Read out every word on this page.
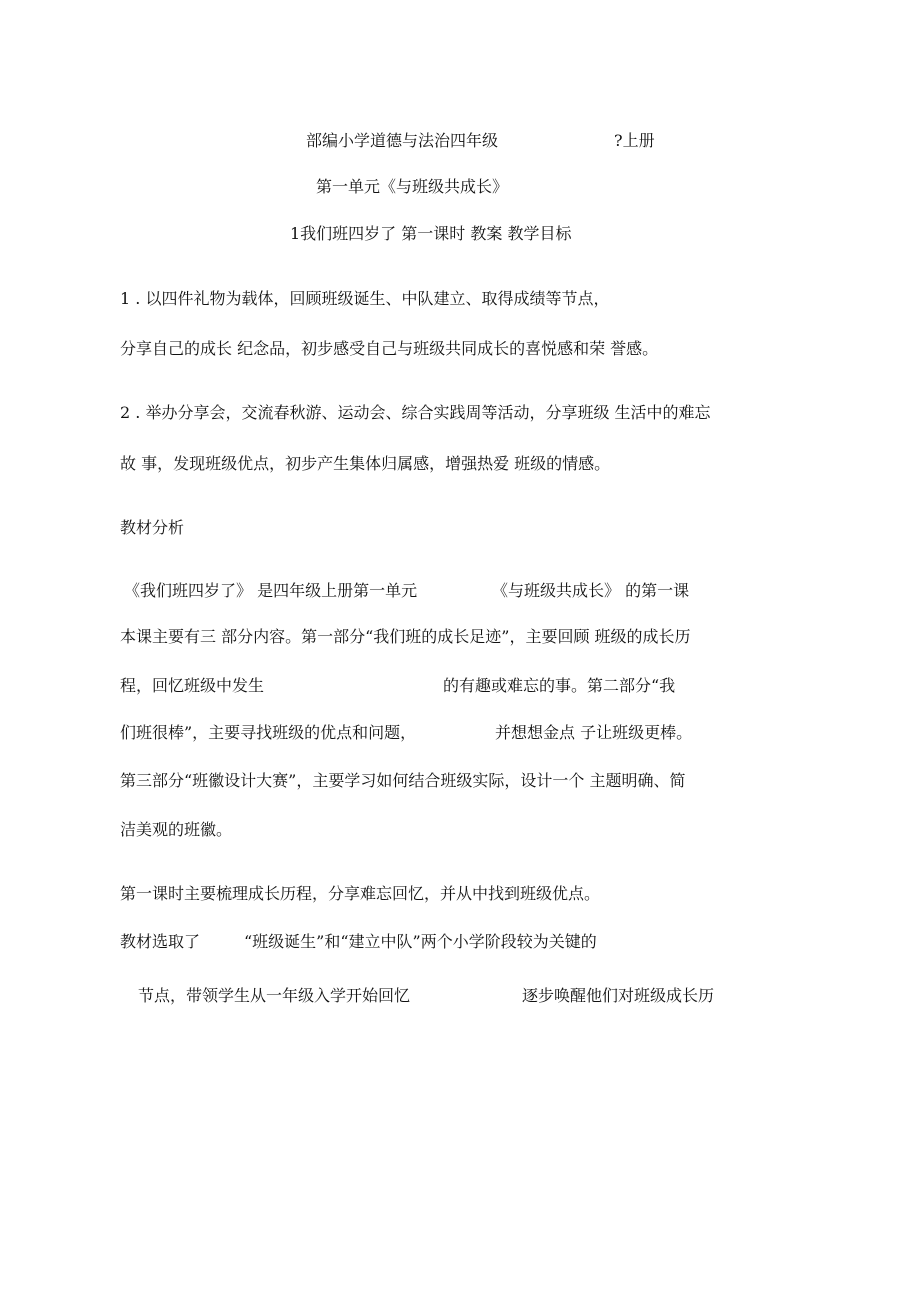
部编小学道德与法治四年级	?上册

第一单元《与班级共成长》

1我们班四岁了 第一课时 教案 教学目标

1 . 以四件礼物为载体，回顾班级诞生、中队建立、取得成绩等节点，

分享自己的成长 纪念品，初步感受自己与班级共同成长的喜悦感和荣 誉感。

2 . 举办分享会，交流春秋游、运动会、综合实践周等活动，分享班级 生活中的难忘

故 事，发现班级优点，初步产生集体归属感，增强热爱 班级的情感。

教材分析

《我们班四岁了》 是四年级上册第一单元	《与班级共成长》 的第一课

本课主要有三 部分内容。第一部分“我们班的成长足迹”，主要回顾 班级的成长历

程，回忆班级中发生	的有趣或难忘的事。第二部分“我

们班很棒”，主要寻找班级的优点和问题，	并想想金点 子让班级更棒。

第三部分“班徽设计大赛”，主要学习如何结合班级实际，设计一个 主题明确、简

洁美观的班徽。

第一课时主要梳理成长历程，分享难忘回忆，并从中找到班级优点。

教材选取了	“班级诞生”和“建立中队”两个小学阶段较为关键的

节点，带领学生从一年级入学开始回忆	逐步唤醒他们对班级成长历
